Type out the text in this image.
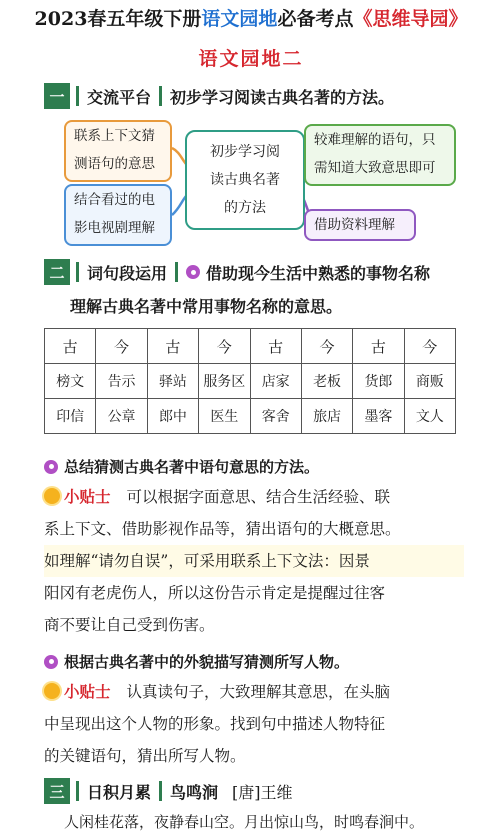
2023春五年级下册语文园地必备考点《思维导园》
语文园地二
一	交流平台 初步学习阅读古典名著的方法。
联系上下文猜
测语句的意思
结合看过的电
影电视剧理解
初步学习阅
读古典名著
的方法
较难理解的语句，只
需知道大致意思即可
借助资料理解
二	词句段运用 借助现今生活中熟悉的事物名称
理解古典名著中常用事物名称的意思。
古	今	古	今	古	今	古	今
榜文	告示	驿站	服务区	店家	老板	货郎	商贩
印信	公章	郎中	医生	客舍	旅店	墨客	文人
总结猜测古典名著中语句意思的方法。
小贴士 可以根据字面意思、结合生活经验、联
系上下文、借助影视作品等，猜出语句的大概意思。
如理解“请勿自误”，可采用联系上下文法：因景
阳冈有老虎伤人，所以这份告示肯定是提醒过往客
商不要让自己受到伤害。
根据古典名著中的外貌描写猜测所写人物。
小贴士 认真读句子，大致理解其意思，在头脑
中呈现出这个人物的形象。找到句中描述人物特征
的关键语句，猜出所写人物。
三	日积月累 鸟鸣涧 [唐]王维
人闲桂花落，夜静春山空。月出惊山鸟，时鸣春涧中。
